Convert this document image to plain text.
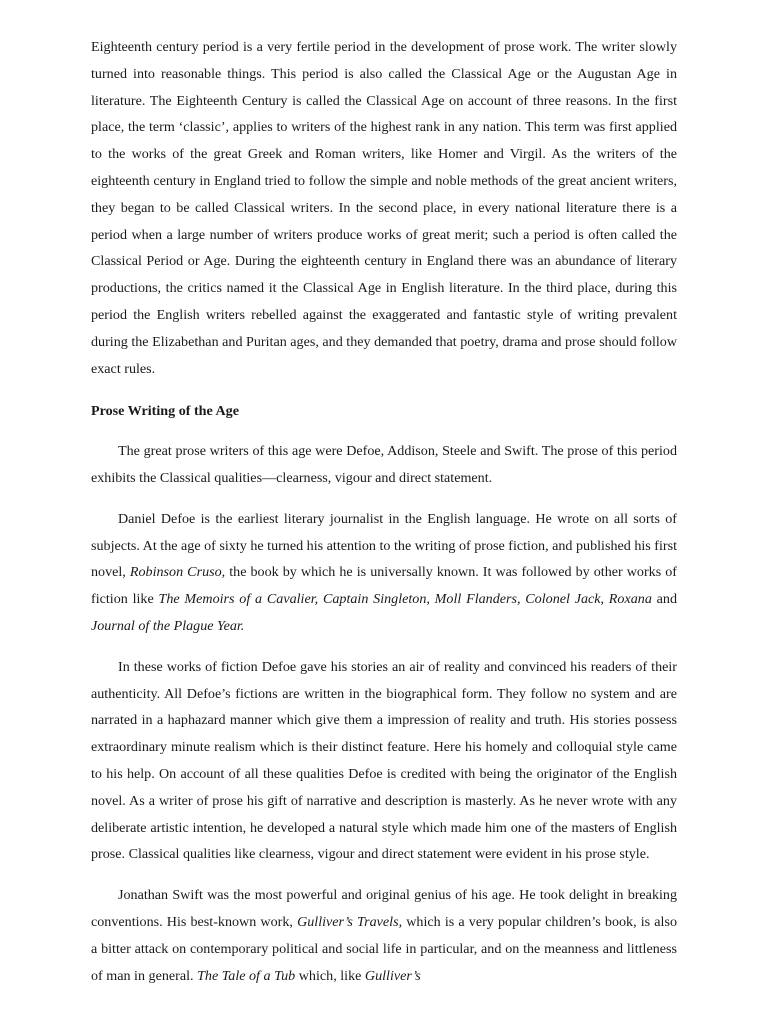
Eighteenth century period is a very fertile period in the development of prose work. The writer slowly turned into reasonable things. This period is also called the Classical Age or the Augustan Age in literature. The Eighteenth Century is called the Classical Age on account of three reasons. In the first place, the term ‘classic’, applies to writers of the highest rank in any nation. This term was first applied to the works of the great Greek and Roman writers, like Homer and Virgil. As the writers of the eighteenth century in England tried to follow the simple and noble methods of the great ancient writers, they began to be called Classical writers. In the second place, in every national literature there is a period when a large number of writers produce works of great merit; such a period is often called the Classical Period or Age. During the eighteenth century in England there was an abundance of literary productions, the critics named it the Classical Age in English literature. In the third place, during this period the English writers rebelled against the exaggerated and fantastic style of writing prevalent during the Elizabethan and Puritan ages, and they demanded that poetry, drama and prose should follow exact rules.

Prose Writing of the Age

The great prose writers of this age were Defoe, Addison, Steele and Swift. The prose of this period exhibits the Classical qualities—clearness, vigour and direct statement.

Daniel Defoe is the earliest literary journalist in the English language. He wrote on all sorts of subjects. At the age of sixty he turned his attention to the writing of prose fiction, and published his first novel, Robinson Cruso, the book by which he is universally known. It was followed by other works of fiction like The Memoirs of a Cavalier, Captain Singleton, Moll Flanders, Colonel Jack, Roxana and Journal of the Plague Year.

In these works of fiction Defoe gave his stories an air of reality and convinced his readers of their authenticity. All Defoe’s fictions are written in the biographical form. They follow no system and are narrated in a haphazard manner which give them a impression of reality and truth. His stories possess extraordinary minute realism which is their distinct feature. Here his homely and colloquial style came to his help. On account of all these qualities Defoe is credited with being the originator of the English novel. As a writer of prose his gift of narrative and description is masterly. As he never wrote with any deliberate artistic intention, he developed a natural style which made him one of the masters of English prose. Classical qualities like clearness, vigour and direct statement were evident in his prose style.

Jonathan Swift was the most powerful and original genius of his age. He took delight in breaking conventions. His best-known work, Gulliver’s Travels, which is a very popular children’s book, is also a bitter attack on contemporary political and social life in particular, and on the meanness and littleness of man in general. The Tale of a Tub which, like Gulliver’s
